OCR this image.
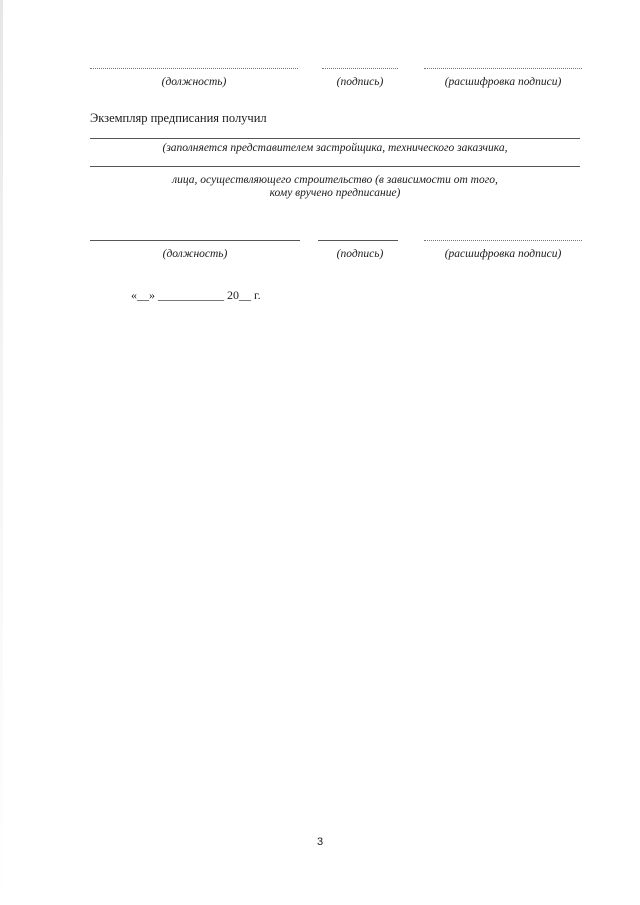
(должность)	(подпись)	(расшифровка подписи)
Экземпляр предписания получил
(заполняется представителем застройщика, технического заказчика,
лица, осуществляющего строительство (в зависимости от того,
кому вручено предписание)
(должность)	(подпись)	(расшифровка подписи)
«__» ___________ 20__ г.
3
